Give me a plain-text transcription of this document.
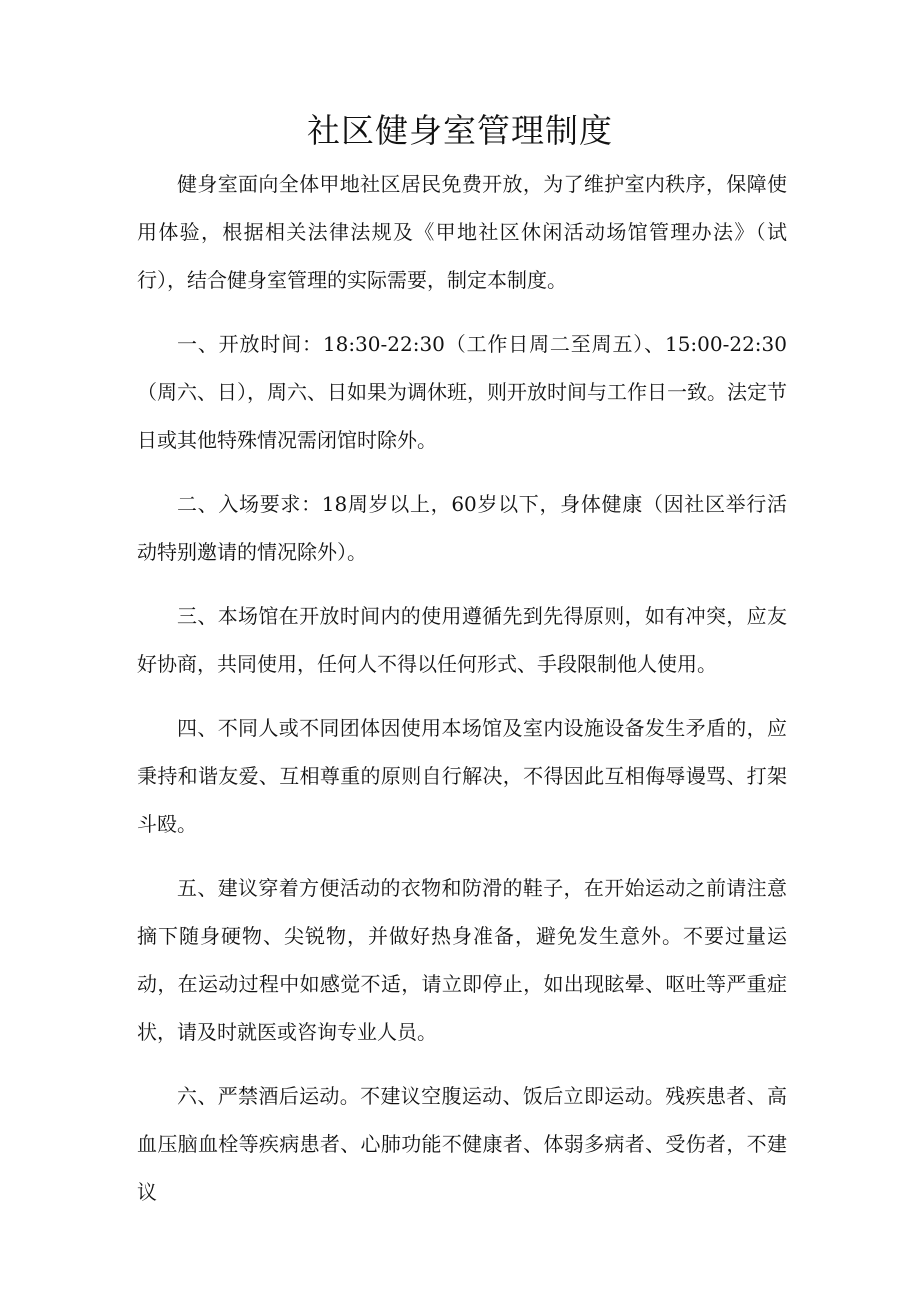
社区健身室管理制度

健身室面向全体甲地社区居民免费开放，为了维护室内秩序，保障使用体验，根据相关法律法规及《甲地社区休闲活动场馆管理办法》（试行），结合健身室管理的实际需要，制定本制度。

一、开放时间：18:30-22:30（工作日周二至周五）、15:00-22:30（周六、日），周六、日如果为调休班，则开放时间与工作日一致。法定节日或其他特殊情况需闭馆时除外。

二、入场要求：18周岁以上，60岁以下，身体健康（因社区举行活动特别邀请的情况除外）。

三、本场馆在开放时间内的使用遵循先到先得原则，如有冲突，应友好协商，共同使用，任何人不得以任何形式、手段限制他人使用。

四、不同人或不同团体因使用本场馆及室内设施设备发生矛盾的，应秉持和谐友爱、互相尊重的原则自行解决，不得因此互相侮辱谩骂、打架斗殴。

五、建议穿着方便活动的衣物和防滑的鞋子，在开始运动之前请注意摘下随身硬物、尖锐物，并做好热身准备，避免发生意外。不要过量运动，在运动过程中如感觉不适，请立即停止，如出现眩晕、呕吐等严重症状，请及时就医或咨询专业人员。

六、严禁酒后运动。不建议空腹运动、饭后立即运动。残疾患者、高血压脑血栓等疾病患者、心肺功能不健康者、体弱多病者、受伤者，不建议
